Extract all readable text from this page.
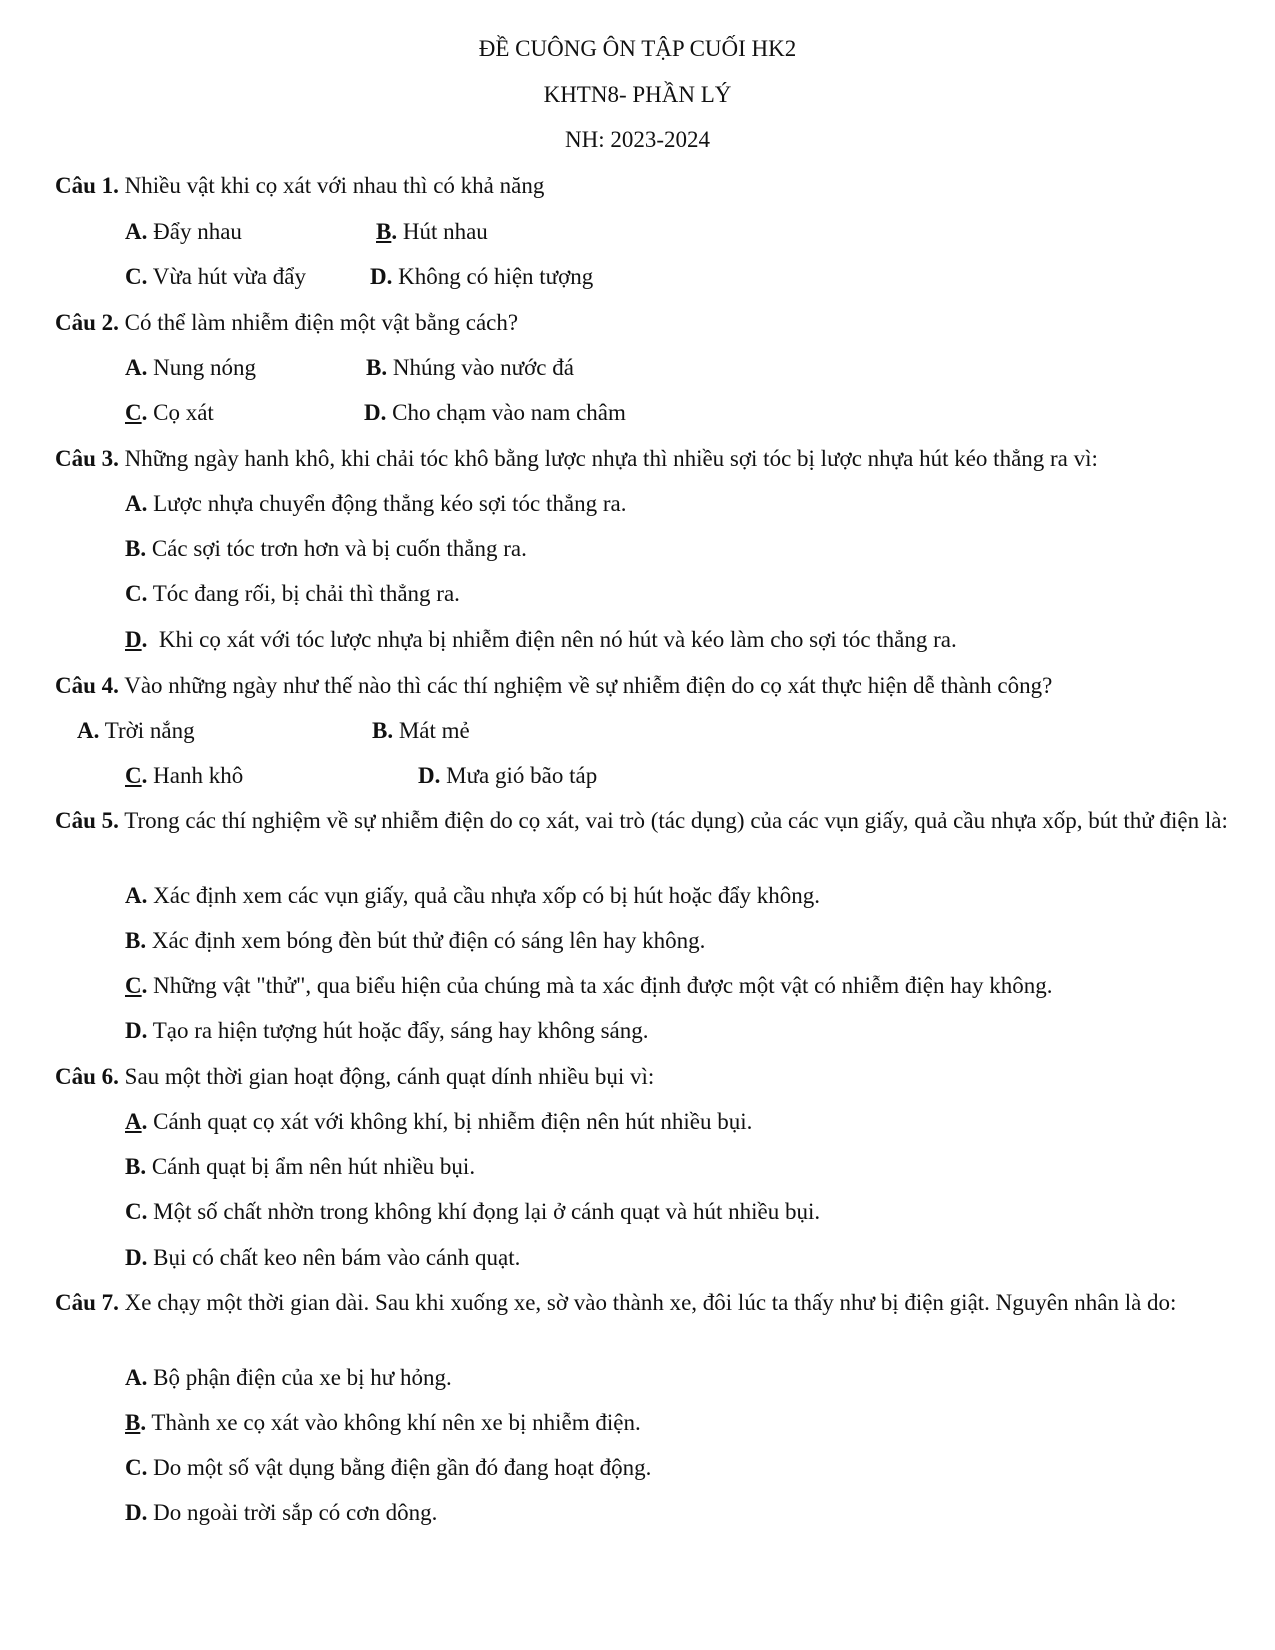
ĐỀ CUÔNG ÔN TẬP CUỐI HK2
KHTN8- PHẦN LÝ
NH: 2023-2024
Câu 1. Nhiều vật khi cọ xát với nhau thì có khả năng
A. Đẩy nhau	B. Hút nhau
C. Vừa hút vừa đẩy	D. Không có hiện tượng
Câu 2. Có thể làm nhiễm điện một vật bằng cách?
A. Nung nóng	B. Nhúng vào nước đá
C. Cọ xát	D. Cho chạm vào nam châm
Câu 3. Những ngày hanh khô, khi chải tóc khô bằng lược nhựa thì nhiều sợi tóc bị lược nhựa hút kéo thẳng ra vì:
A. Lược nhựa chuyển động thẳng kéo sợi tóc thẳng ra.
B. Các sợi tóc trơn hơn và bị cuốn thẳng ra.
C. Tóc đang rối, bị chải thì thẳng ra.
D.  Khi cọ xát với tóc lược nhựa bị nhiễm điện nên nó hút và kéo làm cho sợi tóc thẳng ra.
Câu 4. Vào những ngày như thế nào thì các thí nghiệm về sự nhiễm điện do cọ xát thực hiện dễ thành công?
A. Trời nắng	B. Mát mẻ
C. Hanh khô	D. Mưa gió bão táp
Câu 5. Trong các thí nghiệm về sự nhiễm điện do cọ xát, vai trò (tác dụng) của các vụn giấy, quả cầu nhựa xốp, bút thử điện là:
A. Xác định xem các vụn giấy, quả cầu nhựa xốp có bị hút hoặc đẩy không.
B. Xác định xem bóng đèn bút thử điện có sáng lên hay không.
C. Những vật "thử", qua biểu hiện của chúng mà ta xác định được một vật có nhiễm điện hay không.
D. Tạo ra hiện tượng hút hoặc đẩy, sáng hay không sáng.
Câu 6. Sau một thời gian hoạt động, cánh quạt dính nhiều bụi vì:
A. Cánh quạt cọ xát với không khí, bị nhiễm điện nên hút nhiều bụi.
B. Cánh quạt bị ẩm nên hút nhiều bụi.
C. Một số chất nhờn trong không khí đọng lại ở cánh quạt và hút nhiều bụi.
D. Bụi có chất keo nên bám vào cánh quạt.
Câu 7. Xe chạy một thời gian dài. Sau khi xuống xe, sờ vào thành xe, đôi lúc ta thấy như bị điện giật. Nguyên nhân là do:
A. Bộ phận điện của xe bị hư hỏng.
B. Thành xe cọ xát vào không khí nên xe bị nhiễm điện.
C. Do một số vật dụng bằng điện gần đó đang hoạt động.
D. Do ngoài trời sắp có cơn dông.
